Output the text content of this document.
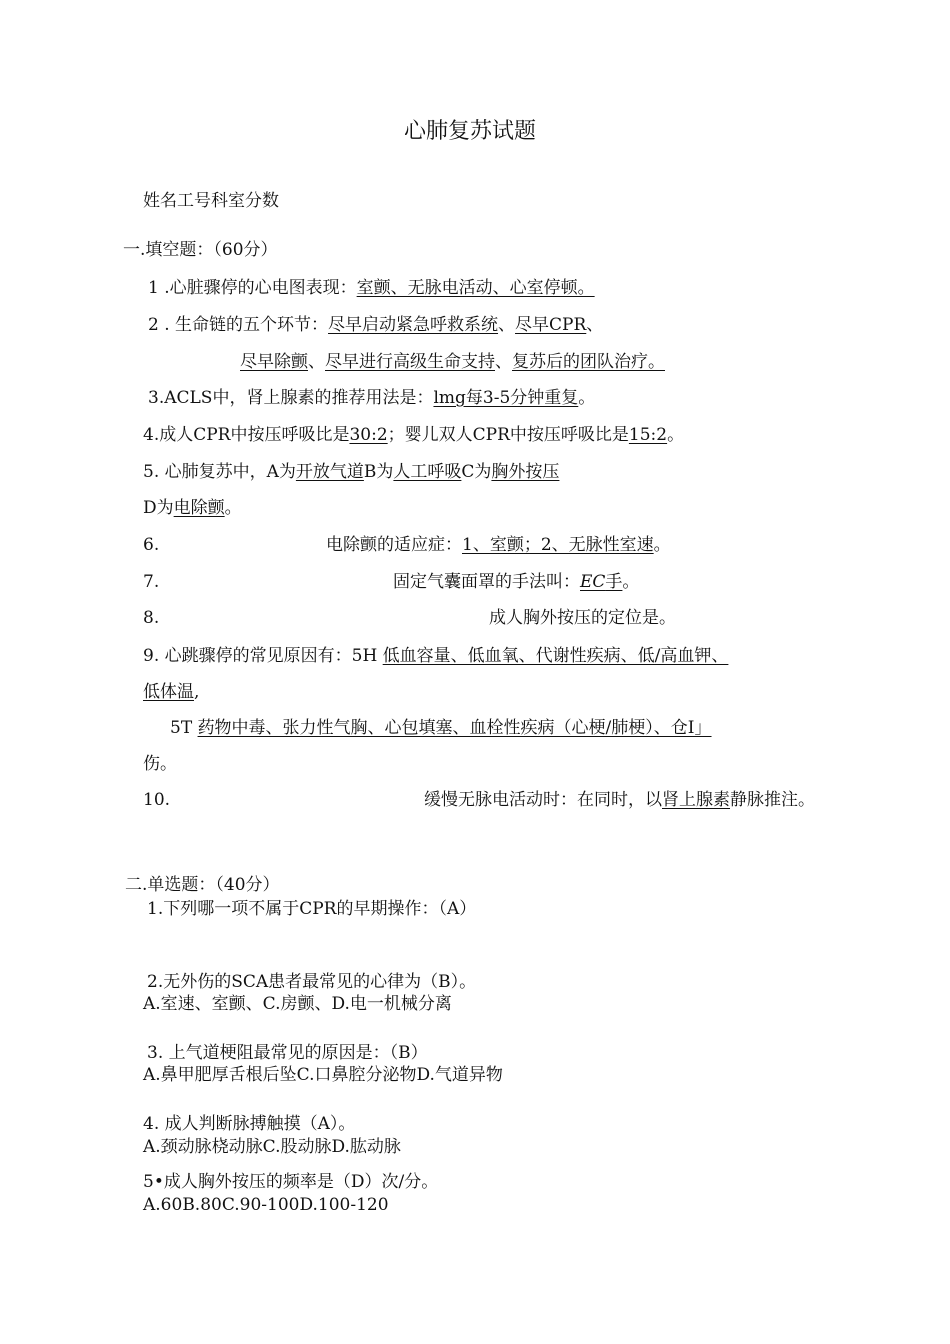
心肺复苏试题
姓名工号科室分数
一.填空题：（60分）
1 .心脏骤停的心电图表现：室颤、无脉电活动、心室停顿。
2 . 生命链的五个环节：尽早启动紧急呼救系统、尽早CPR、
尽早除颤、尽早进行高级生命支持、复苏后的团队治疗。
3.ACLS中，肾上腺素的推荐用法是：lmg每3-5分钟重复。
4.成人CPR中按压呼吸比是30:2；婴儿双人CPR中按压呼吸比是15:2。
5. 心肺复苏中，A为开放气道B为人工呼吸C为胸外按压
D为电除颤。
6.	电除颤的适应症：1、室颤；2、无脉性室速。
7.	固定气囊面罩的手法叫：EC手。
8.	成人胸外按压的定位是。
9. 心跳骤停的常见原因有：5H 低血容量、低血氧、代谢性疾病、低/高血钾、
低体温,
5T 药物中毒、张力性气胸、心包填塞、血栓性疾病（心梗/肺梗）、仓I」
伤。
10.	缓慢无脉电活动时：在同时，以肾上腺素静脉推注。
二.单选题：（40分）
1.下列哪一项不属于CPR的早期操作：（A）
2.无外伤的SCA患者最常见的心律为（B）。
A.室速、室颤、C.房颤、D.电一机械分离
3. 上气道梗阻最常见的原因是：（B）
A.鼻甲肥厚舌根后坠C.口鼻腔分泌物D.气道异物
4. 成人判断脉搏触摸（A）。
A.颈动脉桡动脉C.股动脉D.肱动脉
5•成人胸外按压的频率是（D）次/分。
A.60B.80C.90-100D.100-120
